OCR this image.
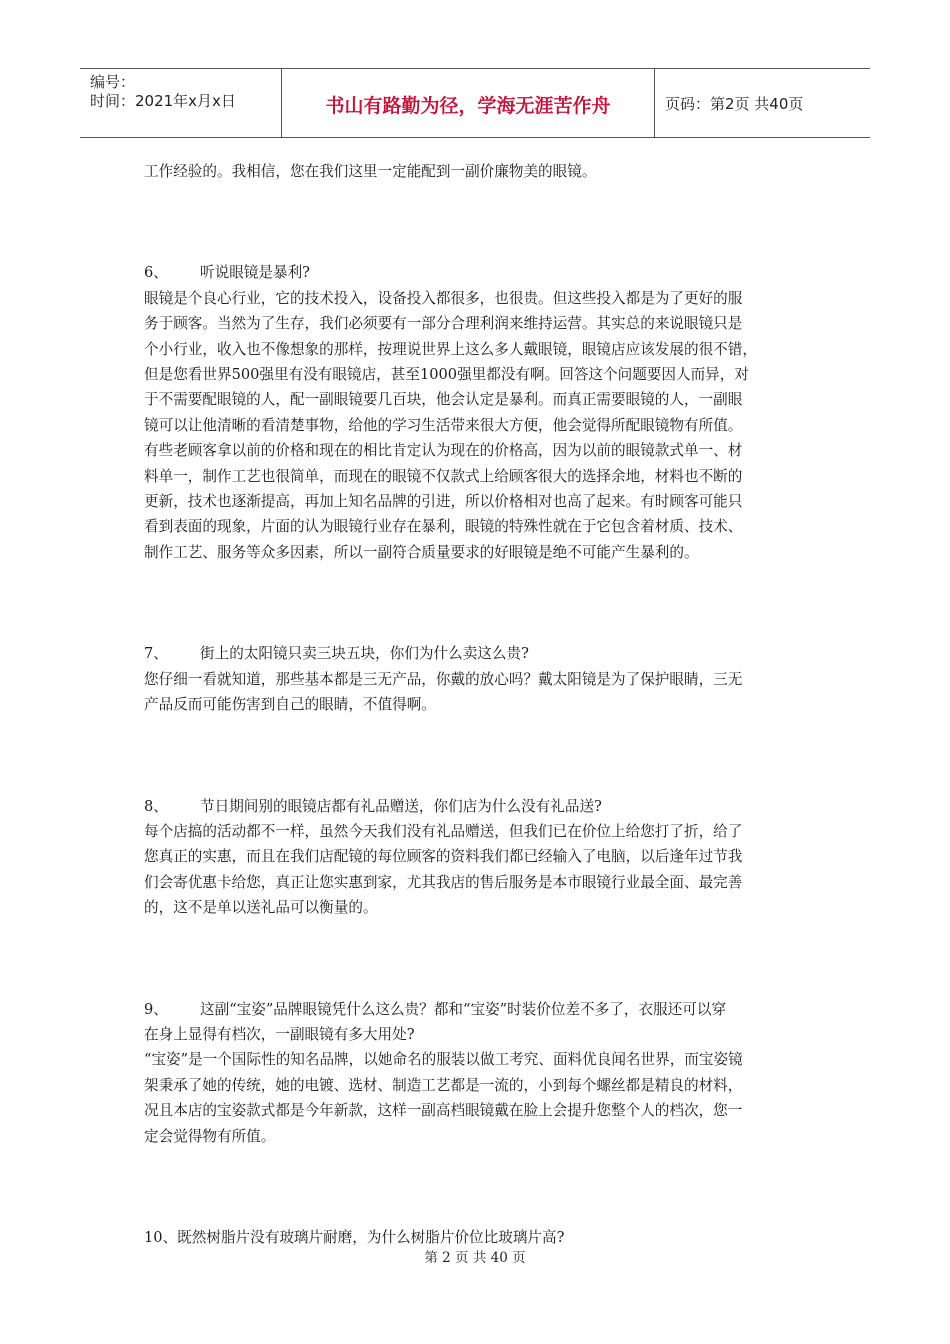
编号：
时间：2021年x月x日	书山有路勤为径，学海无涯苦作舟	页码：第2页 共40页

工作经验的。我相信，您在我们这里一定能配到一副价廉物美的眼镜。

6、 听说眼镜是暴利?

眼镜是个良心行业，它的技术投入，设备投入都很多，也很贵。但这些投入都是为了更好的服

务于顾客。当然为了生存，我们必须要有一部分合理利润来维持运营。其实总的来说眼镜只是

个小行业，收入也不像想象的那样，按理说世界上这么多人戴眼镜，眼镜店应该发展的很不错，

但是您看世界500强里有没有眼镜店，甚至1000强里都没有啊。回答这个问题要因人而异，对

于不需要配眼镜的人，配一副眼镜要几百块，他会认定是暴利。而真正需要眼镜的人，一副眼

镜可以让他清晰的看清楚事物，给他的学习生活带来很大方便，他会觉得所配眼镜物有所值。

有些老顾客拿以前的价格和现在的相比肯定认为现在的价格高，因为以前的眼镜款式单一、材

料单一，制作工艺也很简单，而现在的眼镜不仅款式上给顾客很大的选择余地，材料也不断的

更新，技术也逐渐提高，再加上知名品牌的引进，所以价格相对也高了起来。有时顾客可能只

看到表面的现象，片面的认为眼镜行业存在暴利，眼镜的特殊性就在于它包含着材质、技术、

制作工艺、服务等众多因素，所以一副符合质量要求的好眼镜是绝不可能产生暴利的。

7、 街上的太阳镜只卖三块五块，你们为什么卖这么贵?

您仔细一看就知道，那些基本都是三无产品，你戴的放心吗？戴太阳镜是为了保护眼睛，三无

产品反而可能伤害到自己的眼睛，不值得啊。

8、 节日期间别的眼镜店都有礼品赠送，你们店为什么没有礼品送?

每个店搞的活动都不一样，虽然今天我们没有礼品赠送，但我们已在价位上给您打了折，给了

您真正的实惠，而且在我们店配镜的每位顾客的资料我们都已经输入了电脑，以后逢年过节我

们会寄优惠卡给您，真正让您实惠到家，尤其我店的售后服务是本市眼镜行业最全面、最完善

的，这不是单以送礼品可以衡量的。

9、 这副“宝姿”品牌眼镜凭什么这么贵？都和“宝姿”时装价位差不多了，衣服还可以穿

在身上显得有档次，一副眼镜有多大用处?

“宝姿”是一个国际性的知名品牌，以她命名的服装以做工考究、面料优良闻名世界，而宝姿镜

架秉承了她的传统，她的电镀、选材、制造工艺都是一流的，小到每个螺丝都是精良的材料，

况且本店的宝姿款式都是今年新款，这样一副高档眼镜戴在脸上会提升您整个人的档次，您一

定会觉得物有所值。

10、既然树脂片没有玻璃片耐磨，为什么树脂片价位比玻璃片高?

第 2 页 共 40 页
